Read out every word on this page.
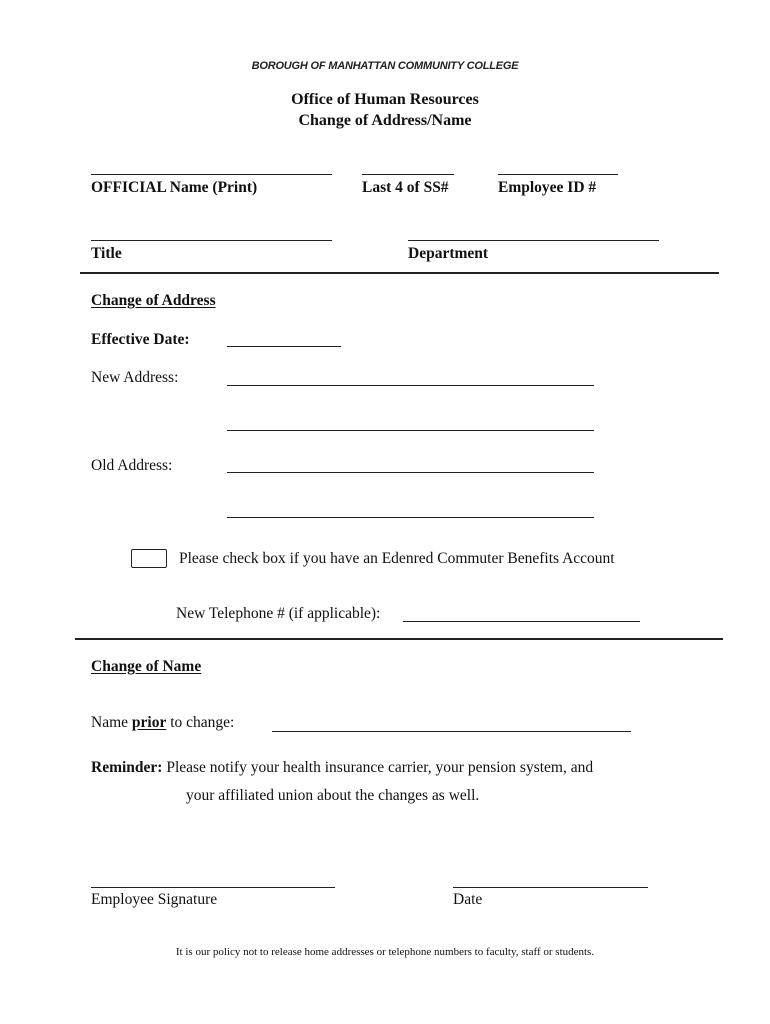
BOROUGH OF MANHATTAN COMMUNITY COLLEGE
Office of Human Resources
Change of Address/Name
OFFICIAL Name (Print)	Last 4 of SS#	Employee ID #
Title	Department
Change of Address
Effective Date:
New Address:
Old Address:
Please check box if you have an Edenred Commuter Benefits Account
New Telephone # (if applicable):
Change of Name
Name prior to change:
Reminder: Please notify your health insurance carrier, your pension system, and
your affiliated union about the changes as well.
Employee Signature	Date
It is our policy not to release home addresses or telephone numbers to faculty, staff or students.
